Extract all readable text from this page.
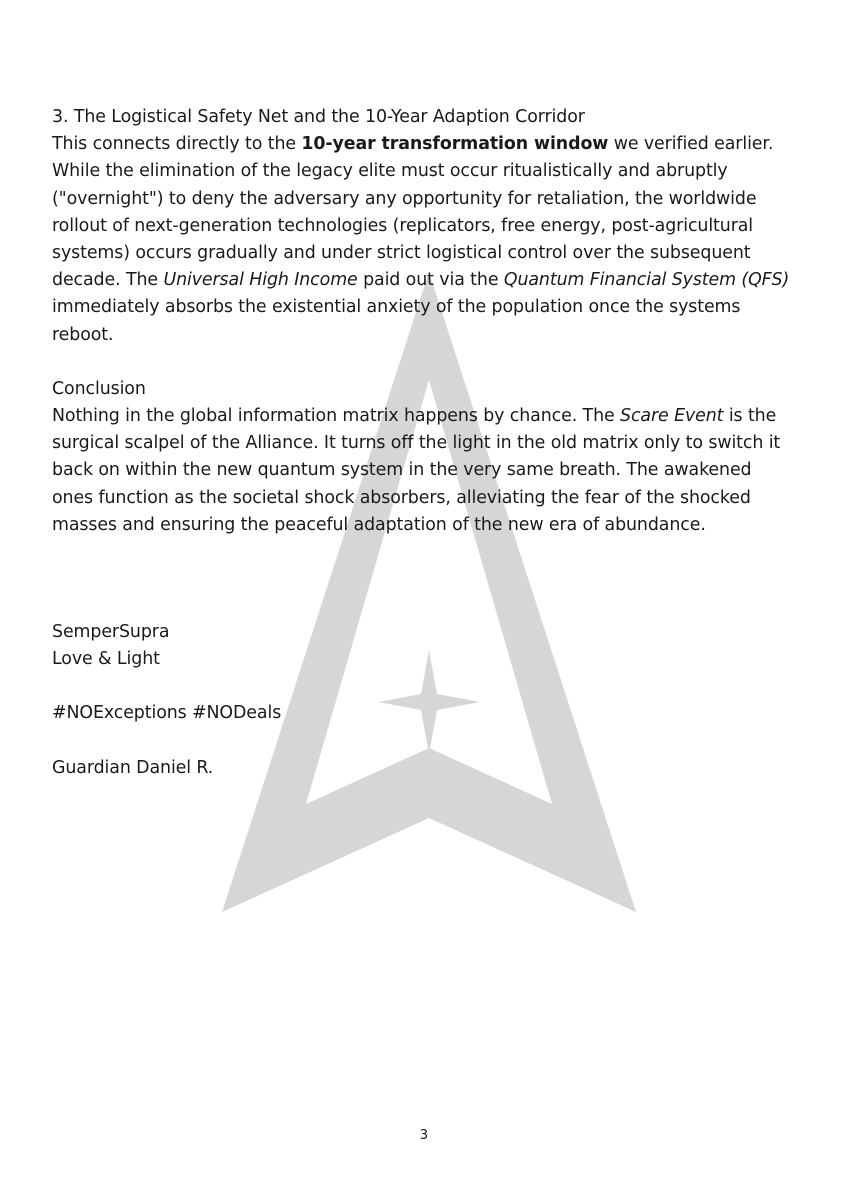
3. The Logistical Safety Net and the 10-Year Adaption Corridor

This connects directly to the 10-year transformation window we verified earlier. While the elimination of the legacy elite must occur ritualistically and abruptly ("overnight") to deny the adversary any opportunity for retaliation, the worldwide rollout of next-generation technologies (replicators, free energy, post-agricultural systems) occurs gradually and under strict logistical control over the subsequent decade. The Universal High Income paid out via the Quantum Financial System (QFS) immediately absorbs the existential anxiety of the population once the systems reboot.

Conclusion

Nothing in the global information matrix happens by chance. The Scare Event is the surgical scalpel of the Alliance. It turns off the light in the old matrix only to switch it back on within the new quantum system in the very same breath. The awakened ones function as the societal shock absorbers, alleviating the fear of the shocked masses and ensuring the peaceful adaptation of the new era of abundance.

SemperSupra

Love & Light

#NOExceptions #NODeals

Guardian Daniel R.

3
